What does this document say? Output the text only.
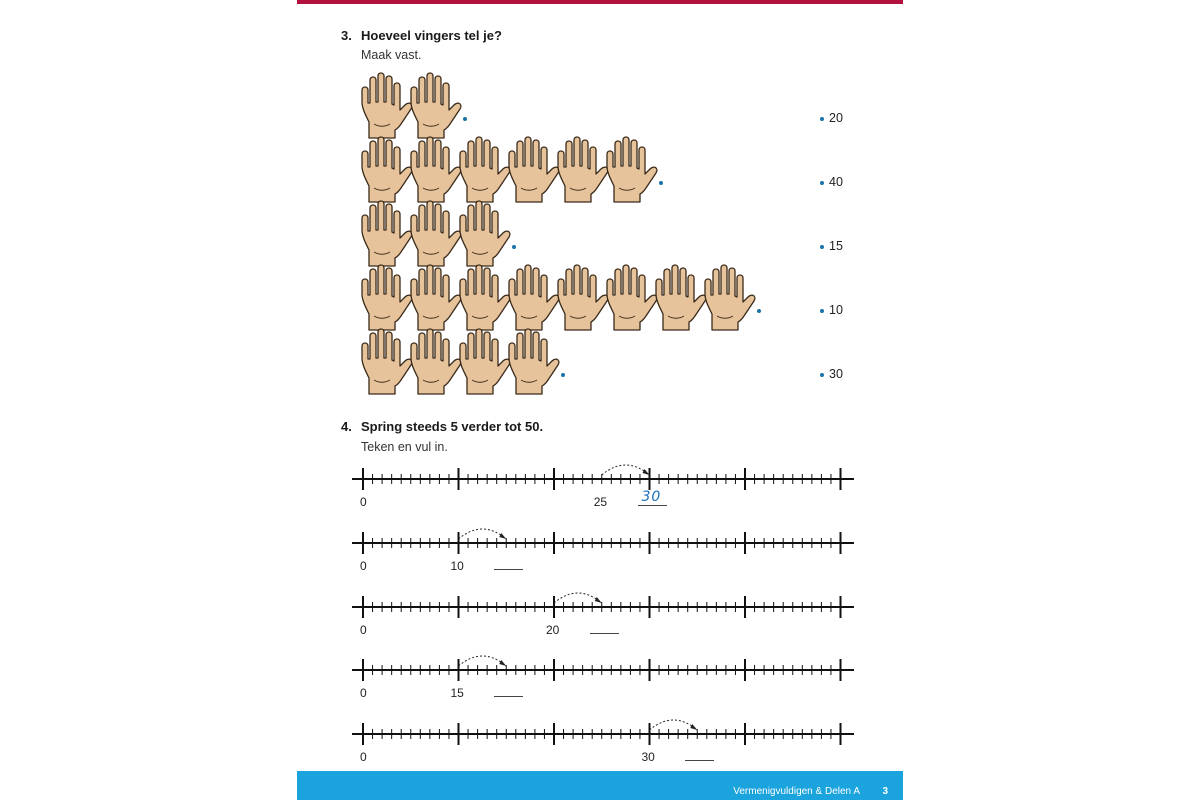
3. Hoeveel vingers tel je?
Maak vast.
4. Spring steeds 5 verder tot 50.
Teken en vul in.
20
40
15
10
30
0	25 30
0	10
0	20
0	15
0	30
Vermenigvuldigen & Delen A 3
